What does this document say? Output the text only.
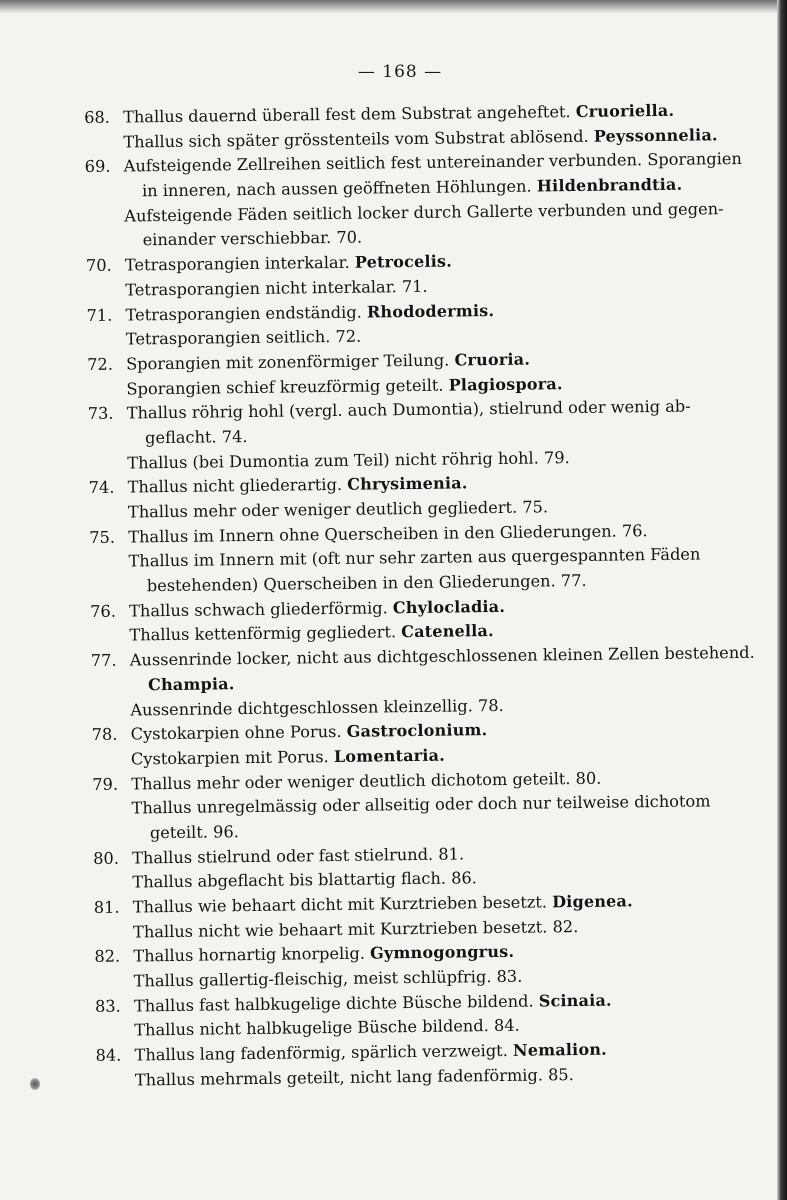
— 168 —
68. Thallus dauernd überall fest dem Substrat angeheftet. Cruoriella.
Thallus sich später grösstenteils vom Substrat ablösend. Peyssonnelia.
69. Aufsteigende Zellreihen seitlich fest untereinander verbunden. Sporangien
in inneren, nach aussen geöffneten Höhlungen. Hildenbrandtia.
Aufsteigende Fäden seitlich locker durch Gallerte verbunden und gegen-
einander verschiebbar. 70.
70. Tetrasporangien interkalar. Petrocelis.
Tetrasporangien nicht interkalar. 71.
71. Tetrasporangien endständig. Rhododermis.
Tetrasporangien seitlich. 72.
72. Sporangien mit zonenförmiger Teilung. Cruoria.
Sporangien schief kreuzförmig geteilt. Plagiospora.
73. Thallus röhrig hohl (vergl. auch Dumontia), stielrund oder wenig ab-
geflacht. 74.
Thallus (bei Dumontia zum Teil) nicht röhrig hohl. 79.
74. Thallus nicht gliederartig. Chrysimenia.
Thallus mehr oder weniger deutlich gegliedert. 75.
75. Thallus im Innern ohne Querscheiben in den Gliederungen. 76.
Thallus im Innern mit (oft nur sehr zarten aus quergespannten Fäden
bestehenden) Querscheiben in den Gliederungen. 77.
76. Thallus schwach gliederförmig. Chylocladia.
Thallus kettenförmig gegliedert. Catenella.
77. Aussenrinde locker, nicht aus dichtgeschlossenen kleinen Zellen bestehend.
Champia.
Aussenrinde dichtgeschlossen kleinzellig. 78.
78. Cystokarpien ohne Porus. Gastroclonium.
Cystokarpien mit Porus. Lomentaria.
79. Thallus mehr oder weniger deutlich dichotom geteilt. 80.
Thallus unregelmässig oder allseitig oder doch nur teilweise dichotom
geteilt. 96.
80. Thallus stielrund oder fast stielrund. 81.
Thallus abgeflacht bis blattartig flach. 86.
81. Thallus wie behaart dicht mit Kurztrieben besetzt. Digenea.
Thallus nicht wie behaart mit Kurztrieben besetzt. 82.
82. Thallus hornartig knorpelig. Gymnogongrus.
Thallus gallertig-fleischig, meist schlüpfrig. 83.
83. Thallus fast halbkugelige dichte Büsche bildend. Scinaia.
Thallus nicht halbkugelige Büsche bildend. 84.
84. Thallus lang fadenförmig, spärlich verzweigt. Nemalion.
Thallus mehrmals geteilt, nicht lang fadenförmig. 85.
